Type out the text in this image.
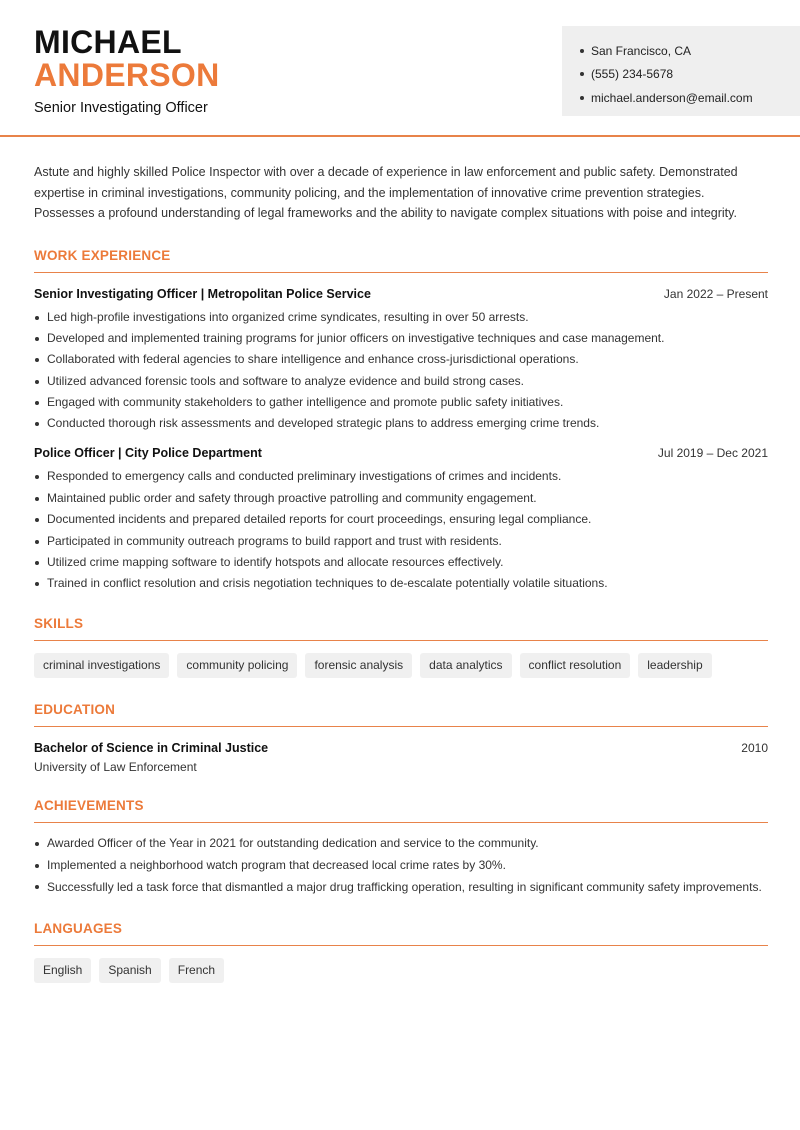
MICHAEL
ANDERSON
Senior Investigating Officer
San Francisco, CA
(555) 234-5678
michael.anderson@email.com

Astute and highly skilled Police Inspector with over a decade of experience in law enforcement and public safety. Demonstrated expertise in criminal investigations, community policing, and the implementation of innovative crime prevention strategies. Possesses a profound understanding of legal frameworks and the ability to navigate complex situations with poise and integrity.

WORK EXPERIENCE
Senior Investigating Officer | Metropolitan Police Service	Jan 2022 – Present
Led high-profile investigations into organized crime syndicates, resulting in over 50 arrests.
Developed and implemented training programs for junior officers on investigative techniques and case management.
Collaborated with federal agencies to share intelligence and enhance cross-jurisdictional operations.
Utilized advanced forensic tools and software to analyze evidence and build strong cases.
Engaged with community stakeholders to gather intelligence and promote public safety initiatives.
Conducted thorough risk assessments and developed strategic plans to address emerging crime trends.
Police Officer | City Police Department	Jul 2019 – Dec 2021
Responded to emergency calls and conducted preliminary investigations of crimes and incidents.
Maintained public order and safety through proactive patrolling and community engagement.
Documented incidents and prepared detailed reports for court proceedings, ensuring legal compliance.
Participated in community outreach programs to build rapport and trust with residents.
Utilized crime mapping software to identify hotspots and allocate resources effectively.
Trained in conflict resolution and crisis negotiation techniques to de-escalate potentially volatile situations.
SKILLS
criminal investigations	community policing	forensic analysis	data analytics	conflict resolution	leadership
EDUCATION
Bachelor of Science in Criminal Justice	2010
University of Law Enforcement
ACHIEVEMENTS
Awarded Officer of the Year in 2021 for outstanding dedication and service to the community.
Implemented a neighborhood watch program that decreased local crime rates by 30%.
Successfully led a task force that dismantled a major drug trafficking operation, resulting in significant community safety improvements.
LANGUAGES
English	Spanish	French
